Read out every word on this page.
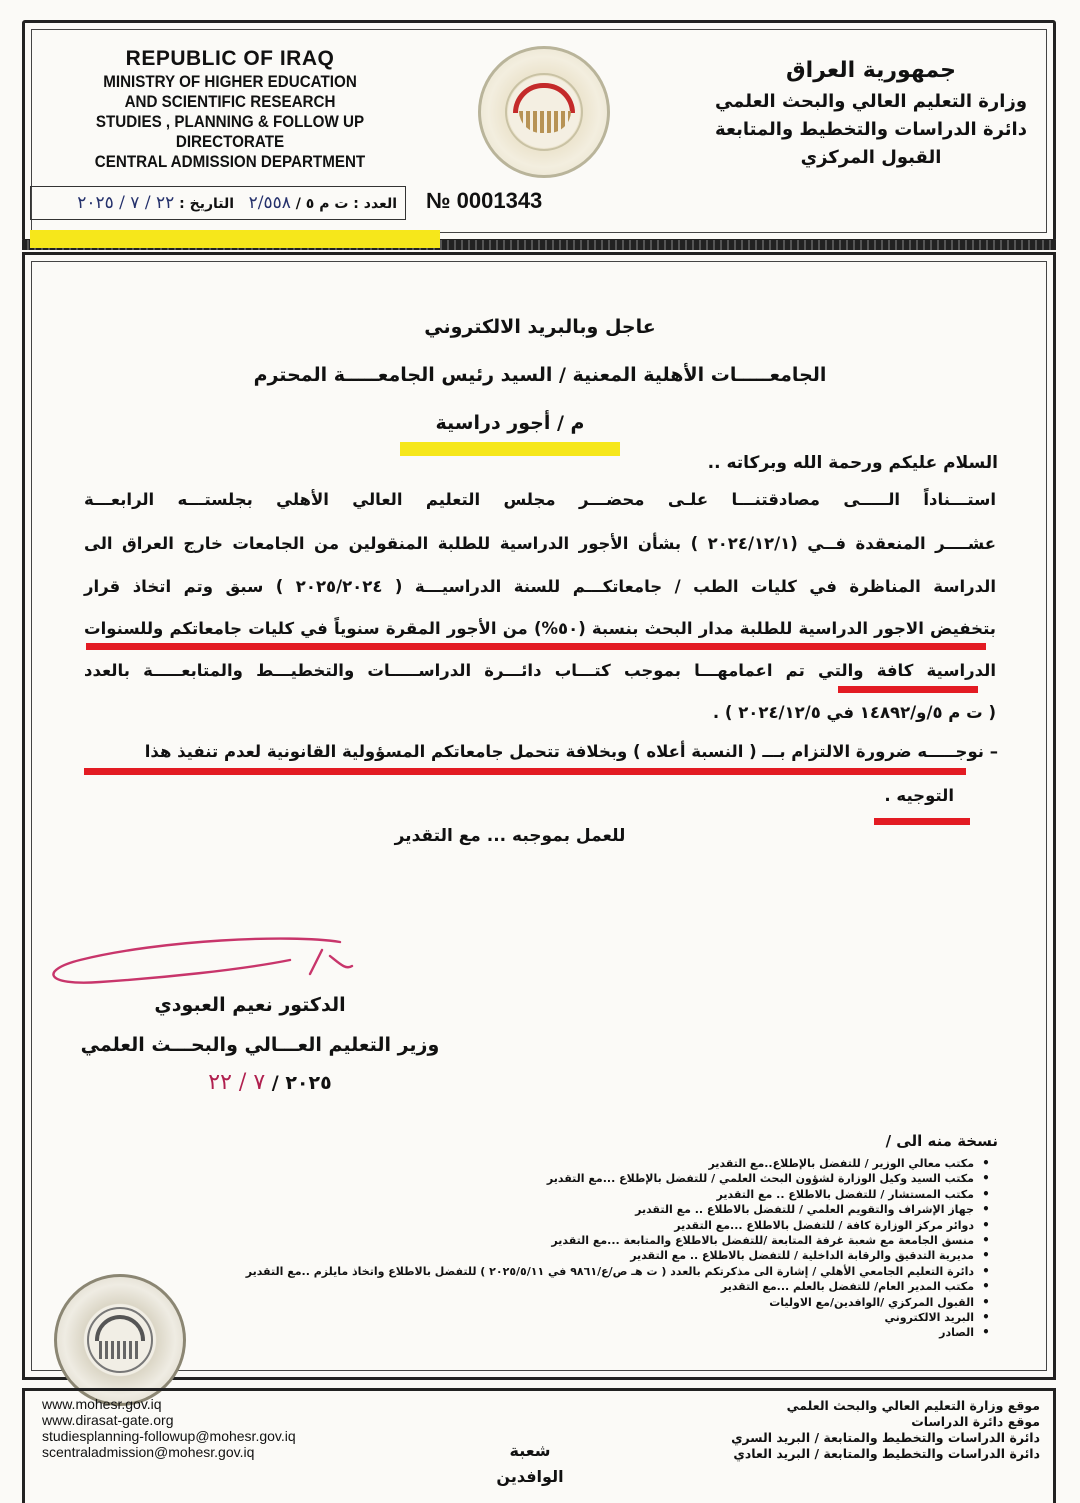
REPUBLIC OF IRAQ
MINISTRY OF HIGHER EDUCATION
AND SCIENTIFIC RESEARCH
STUDIES , PLANNING & FOLLOW UP DIRECTORATE
CENTRAL ADMISSION DEPARTMENT
جمهورية العراق
وزارة التعليم العالي والبحث العلمي
دائرة الدراسات والتخطيط والمتابعة
القبول المركزي
العدد : ت م ٥ / ٢/٥٥٨   التاريخ : ٢٢ / ٧ / ٢٠٢٥	№ 0001343
عاجل وبالبريد الالكتروني
الجامعـــــات الأهلية المعنية / السيد رئيس الجامعـــــة المحترم
م / أجور دراسية
السلام عليكم ورحمة الله وبركاته ..
استـــناداً الـــــى مصادقتنـــا علـى محضـــر مجلس التعليم العالي الأهلي بجلستـــه الرابعـــة
عشــــر المنعقدة فــي (٢٠٢٤/١٢/١ ) بشأن الأجور الدراسية للطلبة المنقولين من الجامعات خارج العراق الى
الدراسة المناظرة في كليات الطب / جامعاتكـــم للسنة الدراسيـــة ( ٢٠٢٥/٢٠٢٤ ) سبق وتم اتخاذ قرار
بتخفيض الاجور الدراسية للطلبة مدار البحث بنسبة (٥٠%) من الأجور المقرة سنوياً في كليات جامعاتكم وللسنوات
الدراسية كافة والتي تم اعمامهـــا بموجب كتـــاب دائـــرة الدراســـــات والتخطيـــط والمتابعـــــة بالعدد
( ت م ٥/و/١٤٨٩٢ في ٢٠٢٤/١٢/٥ ) .
– نوجـــــه ضرورة الالتزام بـــ ( النسبة أعلاه ) وبخلافة تتحمل جامعاتكم المسؤولية القانونية لعدم تنفيذ هذا
التوجيه .
للعمل بموجبه ... مع التقدير
الدكتور نعيم العبودي
وزير التعليم العـــالي والبحـــث العلمي
٢٠٢٥ / ٧ / ٢٢
نسخة منه الى /
• مكتب معالي الوزير / للتفضل بالإطلاع..مع التقدير
• مكتب السيد وكيل الوزارة لشؤون البحث العلمي / للتفضل بالإطلاع ...مع التقدير
• مكتب المستشار / للتفضل بالاطلاع .. مع التقدير
• جهاز الإشراف والتقويم العلمي / للتفضل بالاطلاع .. مع التقدير
• دوائر مركز الوزارة كافة / للتفضل بالاطلاع ...مع التقدير
• منسق الجامعة مع شعبة غرفة المتابعة /للتفضل بالاطلاع والمتابعة ...مع التقدير
• مديرية التدقيق والرقابة الداخلية / للتفضل بالاطلاع .. مع التقدير
• دائرة التعليم الجامعي الأهلي / إشارة الى مذكرتكم بالعدد ( ت هـ ص/ع/٩٨٦١ في ٢٠٢٥/٥/١١ ) للتفضل بالاطلاع واتخاذ مايلزم ..مع التقدير
• مكتب المدير العام/ للتفضل بالعلم ...مع التقدير
• القبول المركزي /الوافدين/مع الاوليات
• البريد الالكتروني
• الصادر
www.mohesr.gov.iq
www.dirasat-gate.org
studiesplanning-followup@mohesr.gov.iq
scentraladmission@mohesr.gov.iq	شعبة
الوافدين
موقع وزارة التعليم العالي والبحث العلمي
موقع دائرة الدراسات
دائرة الدراسات والتخطيط والمتابعة / البريد السري
دائرة الدراسات والتخطيط والمتابعة / البريد العادي
